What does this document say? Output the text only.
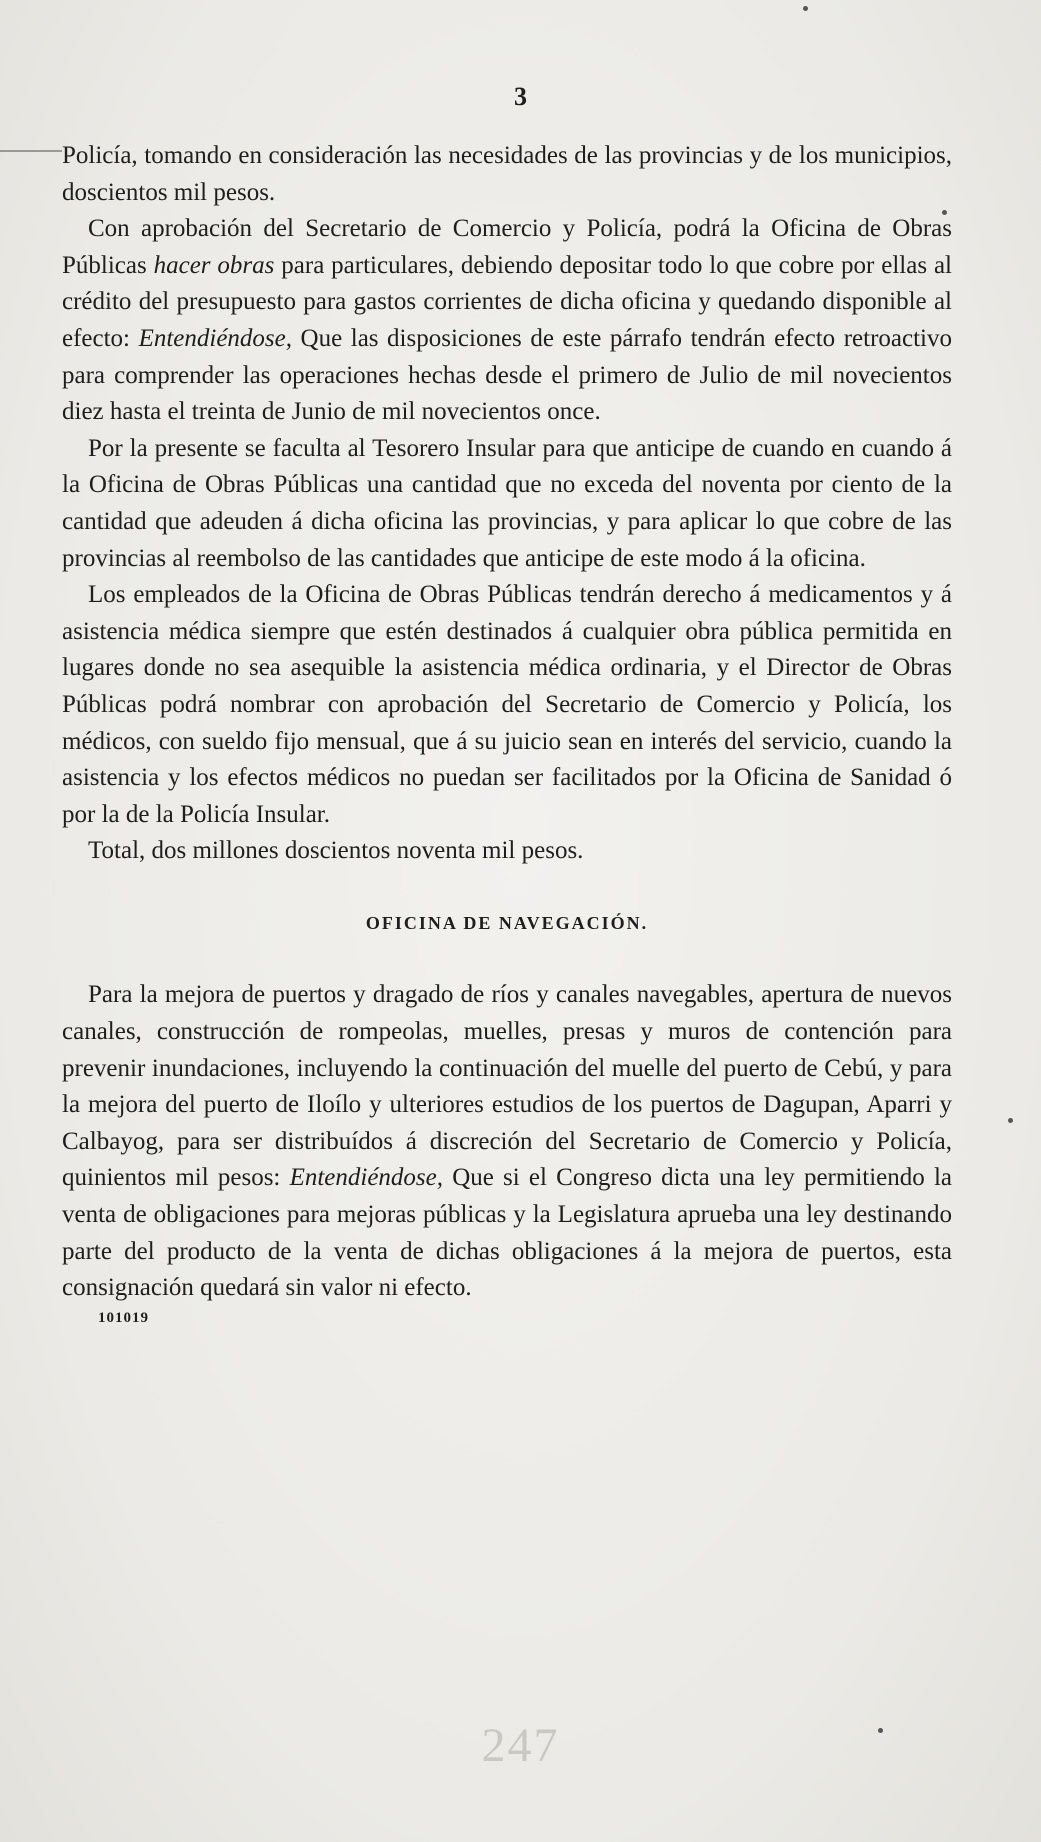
3

Policía, tomando en consideración las necesidades de las provincias y de los municipios, doscientos mil pesos.

Con aprobación del Secretario de Comercio y Policía, podrá la Oficina de Obras Públicas hacer obras para particulares, debiendo depositar todo lo que cobre por ellas al crédito del presupuesto para gastos corrientes de dicha oficina y quedando disponible al efecto: Entendiéndose, Que las disposiciones de este párrafo tendrán efecto retroactivo para comprender las operaciones hechas desde el primero de Julio de mil novecientos diez hasta el treinta de Junio de mil novecientos once.

Por la presente se faculta al Tesorero Insular para que anticipe de cuando en cuando á la Oficina de Obras Públicas una cantidad que no exceda del noventa por ciento de la cantidad que adeuden á dicha oficina las provincias, y para aplicar lo que cobre de las provincias al reembolso de las cantidades que anticipe de este modo á la oficina.

Los empleados de la Oficina de Obras Públicas tendrán derecho á medicamentos y á asistencia médica siempre que estén destinados á cualquier obra pública permitida en lugares donde no sea asequible la asistencia médica ordinaria, y el Director de Obras Públicas podrá nombrar con aprobación del Secretario de Comercio y Policía, los médicos, con sueldo fijo mensual, que á su juicio sean en interés del servicio, cuando la asistencia y los efectos médicos no puedan ser facilitados por la Oficina de Sanidad ó por la de la Policía Insular.

Total, dos millones doscientos noventa mil pesos.

OFICINA DE NAVEGACIÓN.

Para la mejora de puertos y dragado de ríos y canales navegables, apertura de nuevos canales, construcción de rompeolas, muelles, presas y muros de contención para prevenir inundaciones, incluyendo la continuación del muelle del puerto de Cebú, y para la mejora del puerto de Iloílo y ulteriores estudios de los puertos de Dagupan, Aparri y Calbayog, para ser distribuídos á discreción del Secretario de Comercio y Policía, quinientos mil pesos: Entendiéndose, Que si el Congreso dicta una ley permitiendo la venta de obligaciones para mejoras públicas y la Legislatura aprueba una ley destinando parte del producto de la venta de dichas obligaciones á la mejora de puertos, esta consignación quedará sin valor ni efecto.

101019
247
